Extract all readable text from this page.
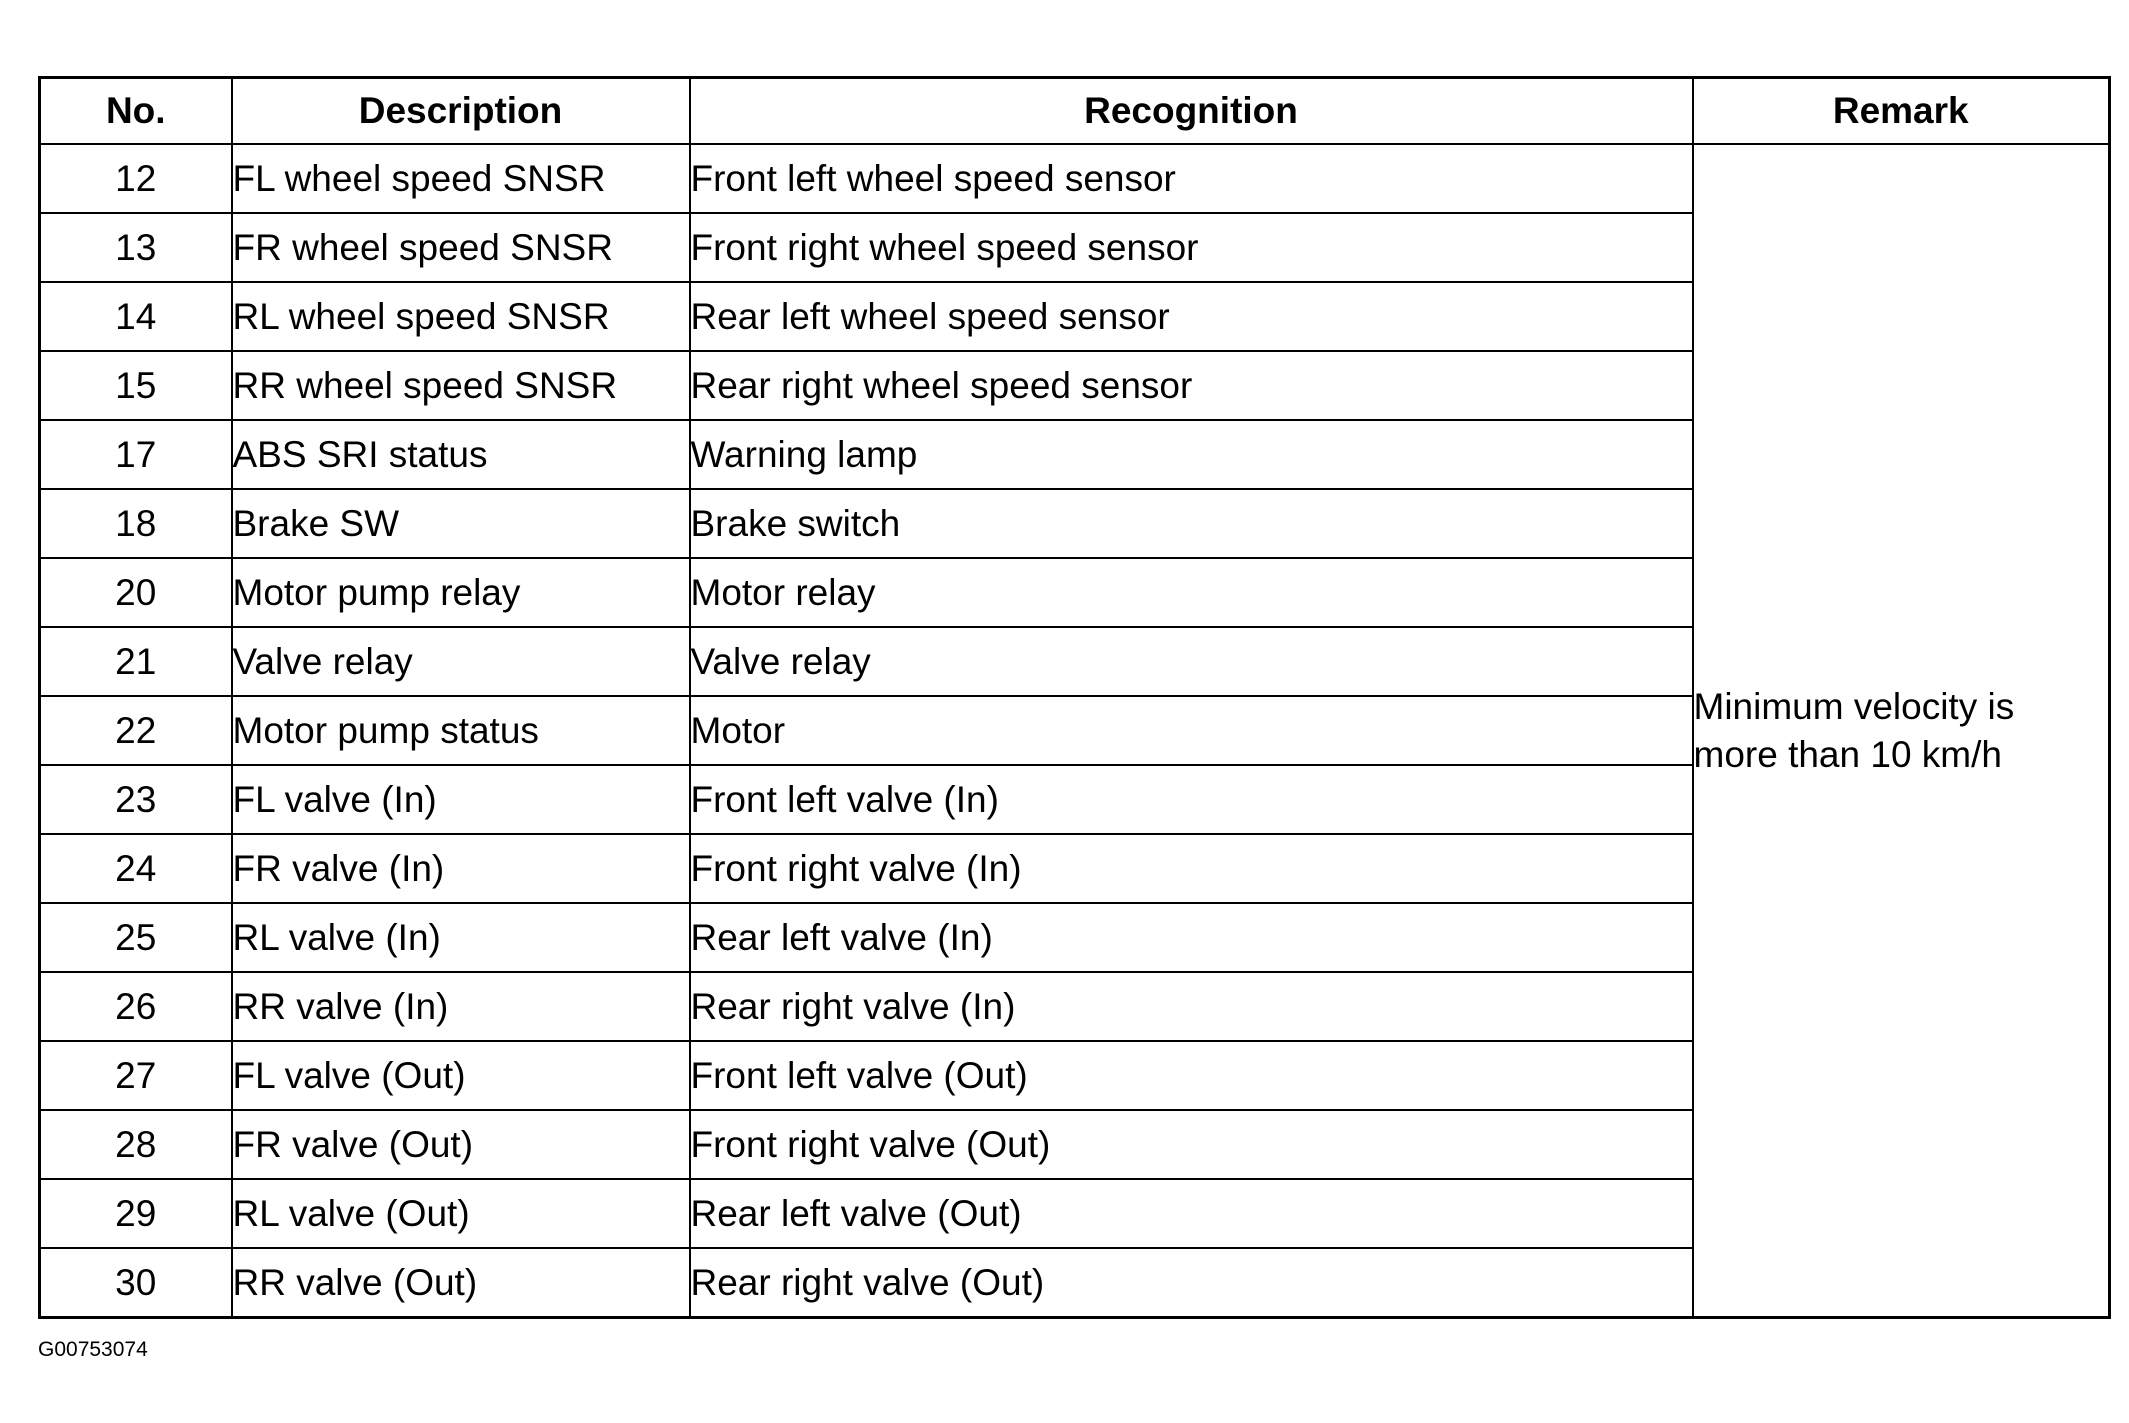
No.	Description	Recognition	Remark
12	FL wheel speed SNSR	Front left wheel speed sensor	Minimum velocity is
more than 10 km/h
13	FR wheel speed SNSR	Front right wheel speed sensor	
14	RL wheel speed SNSR	Rear left wheel speed sensor	
15	RR wheel speed SNSR	Rear right wheel speed sensor	
17	ABS SRI status	Warning lamp	
18	Brake SW	Brake switch	
20	Motor pump relay	Motor relay	
21	Valve relay	Valve relay	
22	Motor pump status	Motor	
23	FL valve (In)	Front left valve (In)	
24	FR valve (In)	Front right valve (In)	
25	RL valve (In)	Rear left valve (In)	
26	RR valve (In)	Rear right valve (In)	
27	FL valve (Out)	Front left valve (Out)	
28	FR valve (Out)	Front right valve (Out)	
29	RL valve (Out)	Rear left valve (Out)	
30	RR valve (Out)	Rear right valve (Out)	
G00753074
